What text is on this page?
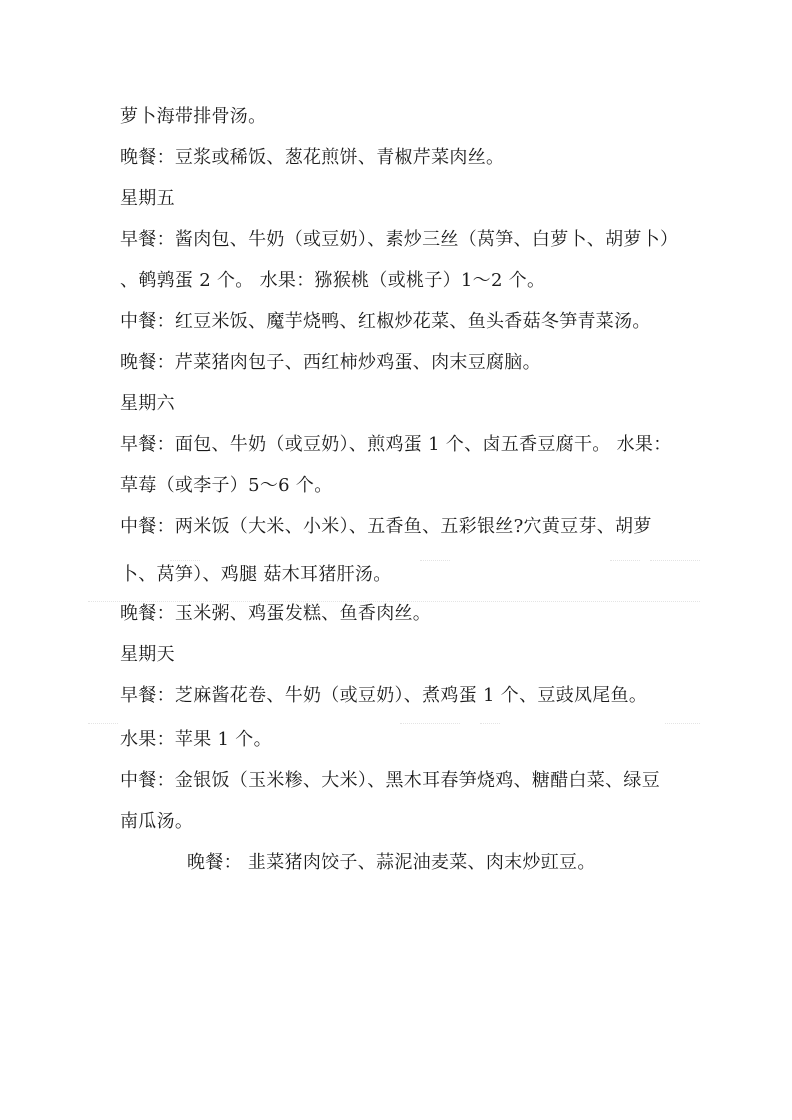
萝卜海带排骨汤。
晚餐：豆浆或稀饭、葱花煎饼、青椒芹菜肉丝。
星期五
早餐：酱肉包、牛奶（或豆奶）、素炒三丝（莴笋、白萝卜、胡萝卜）
、鹌鹑蛋 2 个。 水果：猕猴桃（或桃子）1～2 个。
中餐：红豆米饭、魔芋烧鸭、红椒炒花菜、鱼头香菇冬笋青菜汤。
晚餐：芹菜猪肉包子、西红柿炒鸡蛋、肉末豆腐脑。
星期六
早餐：面包、牛奶（或豆奶）、煎鸡蛋 1 个、卤五香豆腐干。 水果：
草莓（或李子）5～6 个。
中餐：两米饭（大米、小米）、五香鱼、五彩银丝?穴黄豆芽、胡萝
卜、莴笋）、鸡腿 菇木耳猪肝汤。
晚餐：玉米粥、鸡蛋发糕、鱼香肉丝。
星期天
早餐：芝麻酱花卷、牛奶（或豆奶）、煮鸡蛋 1 个、豆豉凤尾鱼。
水果：苹果 1 个。
中餐：金银饭（玉米糁、大米）、黑木耳春笋烧鸡、糖醋白菜、绿豆
南瓜汤。
晚餐： 韭菜猪肉饺子、蒜泥油麦菜、肉末炒豇豆。
